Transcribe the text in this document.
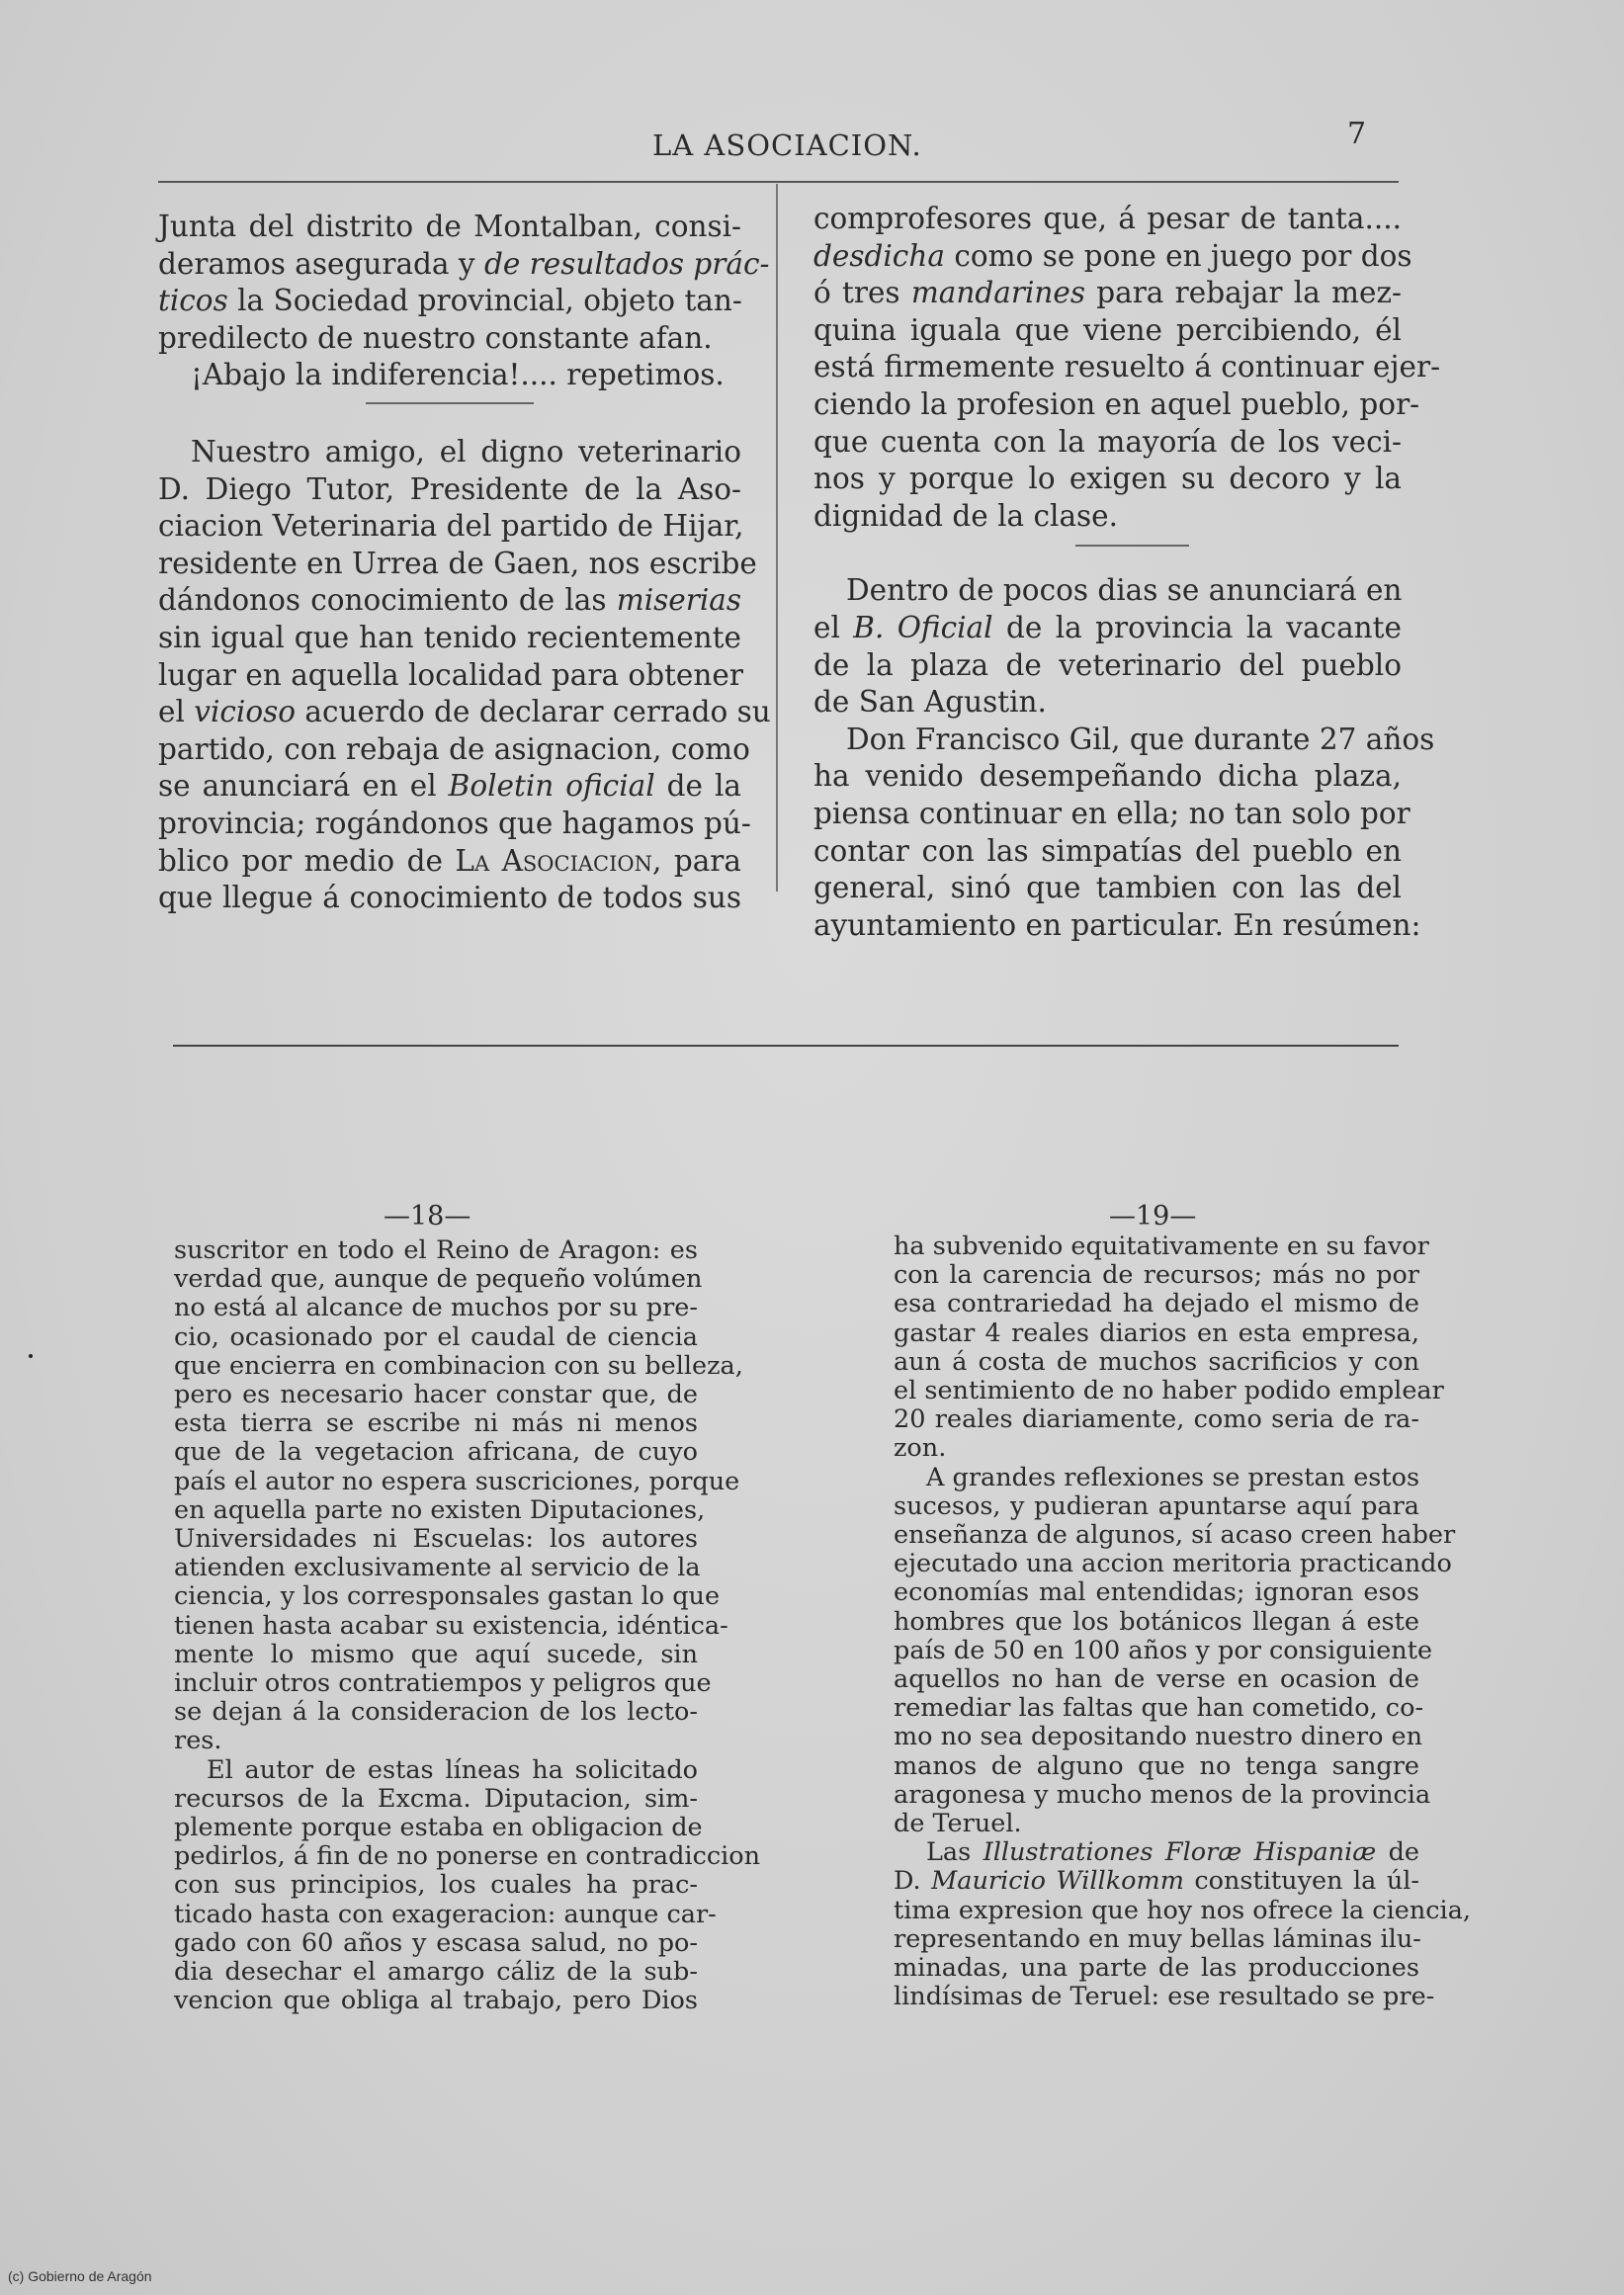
LA ASOCIACION.	7

Junta del distrito de Montalban, consi-
deramos asegurada y de resultados prác-
ticos la Sociedad provincial, objeto tan-
predilecto de nuestro constante afan.

¡Abajo la indiferencia!.... repetimos.

Nuestro amigo, el digno veterinario
D. Diego Tutor, Presidente de la Aso-
ciacion Veterinaria del partido de Hijar,
residente en Urrea de Gaen, nos escribe
dándonos conocimiento de las miserias
sin igual que han tenido recientemente
lugar en aquella localidad para obtener
el vicioso acuerdo de declarar cerrado su
partido, con rebaja de asignacion, como
se anunciará en el Boletin oficial de la
provincia; rogándonos que hagamos pú-
blico por medio de La Asociacion, para
que llegue á conocimiento de todos sus

comprofesores que, á pesar de tanta....
desdicha como se pone en juego por dos
ó tres mandarines para rebajar la mez-
quina iguala que viene percibiendo, él
está firmemente resuelto á continuar ejer-
ciendo la profesion en aquel pueblo, por-
que cuenta con la mayoría de los veci-
nos y porque lo exigen su decoro y la
dignidad de la clase.

Dentro de pocos dias se anunciará en
el B. Oficial de la provincia la vacante
de la plaza de veterinario del pueblo
de San Agustin.

Don Francisco Gil, que durante 27 años
ha venido desempeñando dicha plaza,
piensa continuar en ella; no tan solo por
contar con las simpatías del pueblo en
general, sinó que tambien con las del
ayuntamiento en particular. En resúmen:

—18—	—19—

suscritor en todo el Reino de Aragon: es
verdad que, aunque de pequeño volúmen
no está al alcance de muchos por su pre-
cio, ocasionado por el caudal de ciencia
que encierra en combinacion con su belleza,
pero es necesario hacer constar que, de
esta tierra se escribe ni más ni menos
que de la vegetacion africana, de cuyo
país el autor no espera suscriciones, porque
en aquella parte no existen Diputaciones,
Universidades ni Escuelas: los autores
atienden exclusivamente al servicio de la
ciencia, y los corresponsales gastan lo que
tienen hasta acabar su existencia, idéntica-
mente lo mismo que aquí sucede, sin
incluir otros contratiempos y peligros que
se dejan á la consideracion de los lecto-
res.

El autor de estas líneas ha solicitado
recursos de la Excma. Diputacion, sim-
plemente porque estaba en obligacion de
pedirlos, á fin de no ponerse en contradiccion
con sus principios, los cuales ha prac-
ticado hasta con exageracion: aunque car-
gado con 60 años y escasa salud, no po-
dia desechar el amargo cáliz de la sub-
vencion que obliga al trabajo, pero Dios

ha subvenido equitativamente en su favor
con la carencia de recursos; más no por
esa contrariedad ha dejado el mismo de
gastar 4 reales diarios en esta empresa,
aun á costa de muchos sacrificios y con
el sentimiento de no haber podido emplear
20 reales diariamente, como seria de ra-
zon.

A grandes reflexiones se prestan estos
sucesos, y pudieran apuntarse aquí para
enseñanza de algunos, sí acaso creen haber
ejecutado una accion meritoria practicando
economías mal entendidas; ignoran esos
hombres que los botánicos llegan á este
país de 50 en 100 años y por consiguiente
aquellos no han de verse en ocasion de
remediar las faltas que han cometido, co-
mo no sea depositando nuestro dinero en
manos de alguno que no tenga sangre
aragonesa y mucho menos de la provincia
de Teruel.

Las Illustrationes Floræ Hispaniæ de
D. Mauricio Willkomm constituyen la úl-
tima expresion que hoy nos ofrece la ciencia,
representando en muy bellas láminas ilu-
minadas, una parte de las producciones
lindísimas de Teruel: ese resultado se pre-

(c) Gobierno de Aragón
